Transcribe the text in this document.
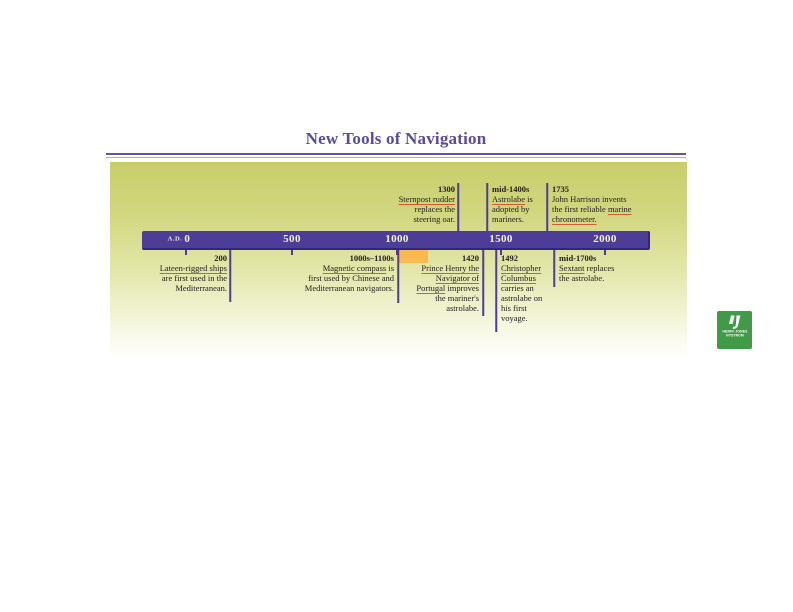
New Tools of Navigation
A.D. 0	500	1000	1500	2000
1300
Sternpost rudder
replaces the
steering oar.
mid-1400s
Astrolabe is
adopted by
mariners.
1735
John Harrison invents
the first reliable marine
chronometer.
200
Lateen-rigged ships
are first used in the
Mediterranean.
1000s–1100s
Magnetic compass is
first used by Chinese and
Mediterranean navigators.
1420
Prince Henry the
Navigator of
Portugal improves
the mariner's
astrolabe.
1492
Christopher
Columbus
carries an
astrolabe on
his first
voyage.
mid-1700s
Sextant replaces
the astrolabe.
HERFF JONES
NYSTROM
